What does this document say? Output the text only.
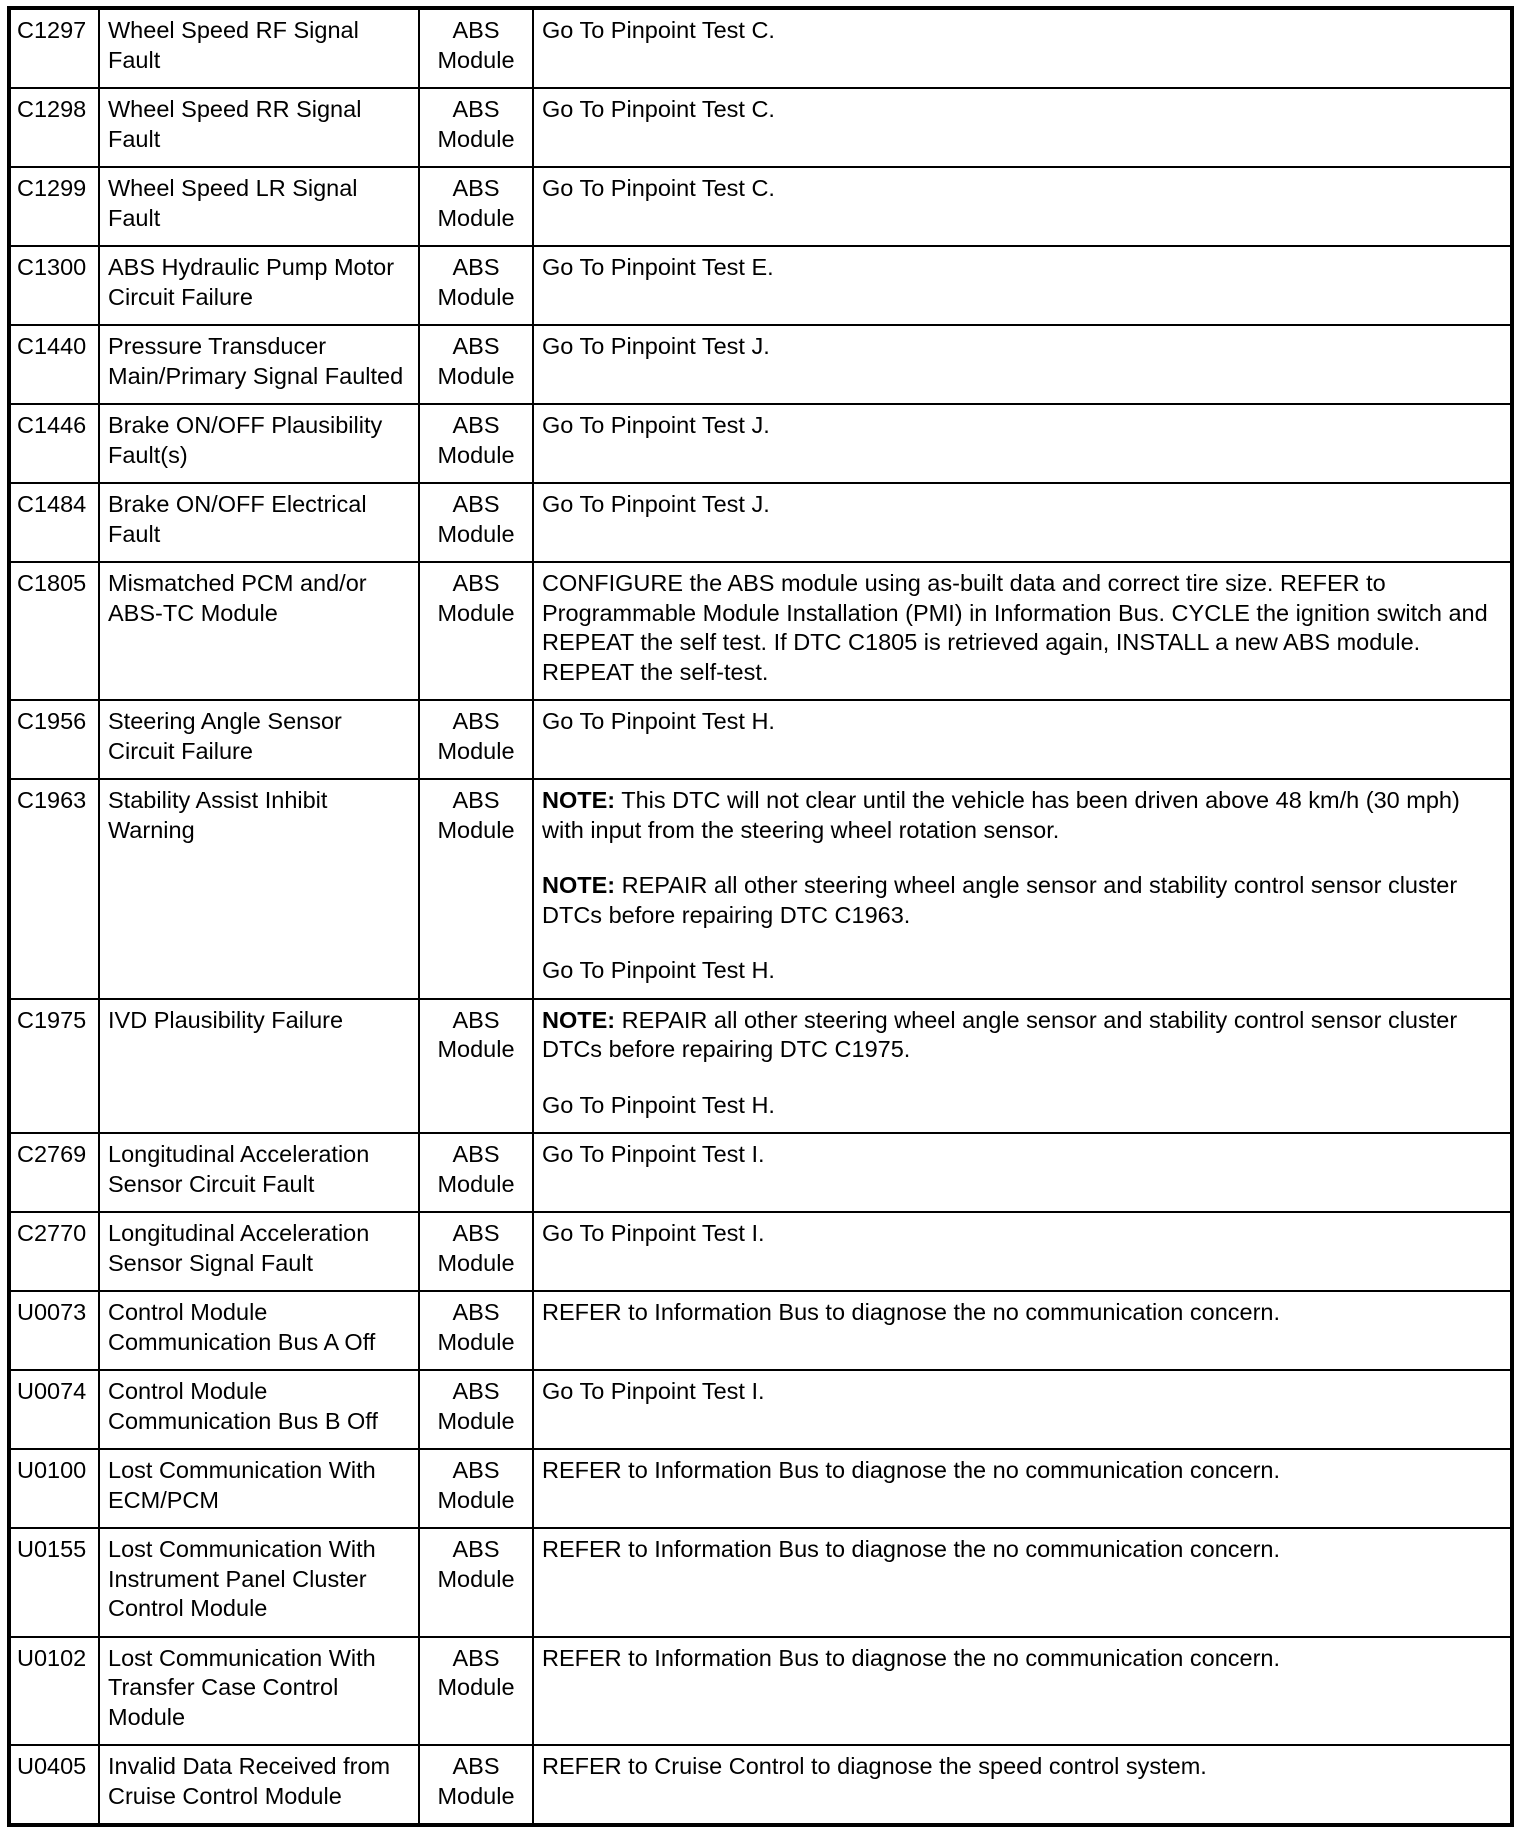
C1297	Wheel Speed RF Signal Fault	ABS Module	Go To Pinpoint Test C.

C1298	Wheel Speed RR Signal Fault	ABS Module	Go To Pinpoint Test C.

C1299	Wheel Speed LR Signal Fault	ABS Module	Go To Pinpoint Test C.

C1300	ABS Hydraulic Pump Motor Circuit Failure	ABS Module	Go To Pinpoint Test E.

C1440	Pressure Transducer Main/Primary Signal Faulted	ABS Module	Go To Pinpoint Test J.

C1446	Brake ON/OFF Plausibility Fault(s)	ABS Module	Go To Pinpoint Test J.

C1484	Brake ON/OFF Electrical Fault	ABS Module	Go To Pinpoint Test J.

C1805	Mismatched PCM and/or ABS-TC Module	ABS Module	CONFIGURE the ABS module using as-built data and correct tire size. REFER to Programmable Module Installation (PMI) in Information Bus. CYCLE the ignition switch and REPEAT the self test. If DTC C1805 is retrieved again, INSTALL a new ABS module. REPEAT the self-test.

C1956	Steering Angle Sensor Circuit Failure	ABS Module	Go To Pinpoint Test H.

C1963	Stability Assist Inhibit Warning	ABS Module	NOTE: This DTC will not clear until the vehicle has been driven above 48 km/h (30 mph) with input from the steering wheel rotation sensor.

NOTE: REPAIR all other steering wheel angle sensor and stability control sensor cluster DTCs before repairing DTC C1963.

Go To Pinpoint Test H.

C1975	IVD Plausibility Failure	ABS Module	NOTE: REPAIR all other steering wheel angle sensor and stability control sensor cluster DTCs before repairing DTC C1975.

Go To Pinpoint Test H.

C2769	Longitudinal Acceleration Sensor Circuit Fault	ABS Module	Go To Pinpoint Test I.

C2770	Longitudinal Acceleration Sensor Signal Fault	ABS Module	Go To Pinpoint Test I.

U0073	Control Module Communication Bus A Off	ABS Module	REFER to Information Bus to diagnose the no communication concern.

U0074	Control Module Communication Bus B Off	ABS Module	Go To Pinpoint Test I.

U0100	Lost Communication With ECM/PCM	ABS Module	REFER to Information Bus to diagnose the no communication concern.

U0155	Lost Communication With Instrument Panel Cluster Control Module	ABS Module	REFER to Information Bus to diagnose the no communication concern.

U0102	Lost Communication With Transfer Case Control Module	ABS Module	REFER to Information Bus to diagnose the no communication concern.

U0405	Invalid Data Received from Cruise Control Module	ABS Module	REFER to Cruise Control to diagnose the speed control system.
